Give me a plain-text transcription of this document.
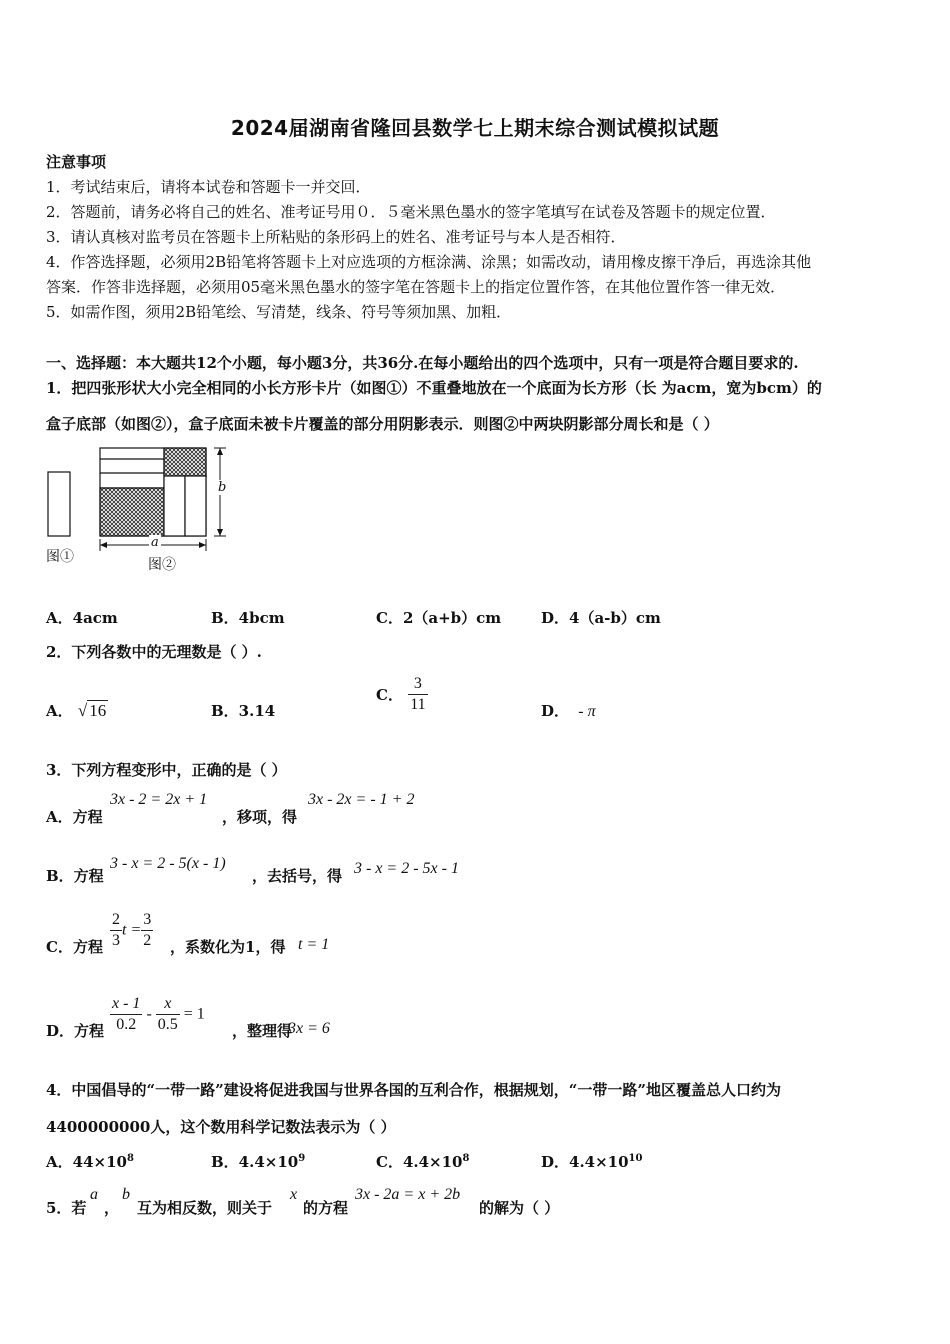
2024届湖南省隆回县数学七上期末综合测试模拟试题
注意事项
1．考试结束后，请将本试卷和答题卡一并交回．
2．答题前，请务必将自己的姓名、准考证号用０．５毫米黑色墨水的签字笔填写在试卷及答题卡的规定位置．
3．请认真核对监考员在答题卡上所粘贴的条形码上的姓名、准考证号与本人是否相符．
4．作答选择题，必须用2B铅笔将答题卡上对应选项的方框涂满、涂黑；如需改动，请用橡皮擦干净后，再选涂其他
答案．作答非选择题，必须用05毫米黑色墨水的签字笔在答题卡上的指定位置作答，在其他位置作答一律无效．
5．如需作图，须用2B铅笔绘、写清楚，线条、符号等须加黑、加粗．
一、选择题：本大题共12个小题，每小题3分，共36分.在每小题给出的四个选项中，只有一项是符合题目要求的.
1．把四张形状大小完全相同的小长方形卡片（如图①）不重叠地放在一个底面为长方形（长 为acm，宽为bcm）的
盒子底部（如图②），盒子底面未被卡片覆盖的部分用阴影表示．则图②中两块阴影部分周长和是（ ）
b
a
图①	图②
A．4acm	B．4bcm	C．2（a+b）cm	D．4（a-b）cm
2．下列各数中的无理数是（ ）.
A． √ 16	B．3.14
C． $\frac{3}{11}$	D． - π
3．下列方程变形中，正确的是（ ）
A．方程
3x - 2 = 2x + 1
，移项，得
3x - 2x = - 1 + 2
B．方程
3 - x = 2 - 5(x - 1)
，去括号，得 3 - x = 2 - 5x - 1
C．方程 $\frac{2}{3}$ $t = \frac{3}{2}$ ，系数化为1，得 t = 1
D．方程 $\frac{x - 1}{0.2} - \frac{x}{0.5} = 1$
，整理得
3x = 6
4．中国倡导的“一带一路”建设将促进我国与世界各国的互利合作，根据规划，“一带一路”地区覆盖总人口约为
4400000000人，这个数用科学记数法表示为（ ）
A．$44\times 10^8$	B．$4.4\times 10^9$	C．$4.4\times 10^8$	D．$4.4\times 10^{10}$
5．若
a
，
b
互为相反数，则关于
x
的方程
3x - 2a = x + 2b
的解为（ ）
